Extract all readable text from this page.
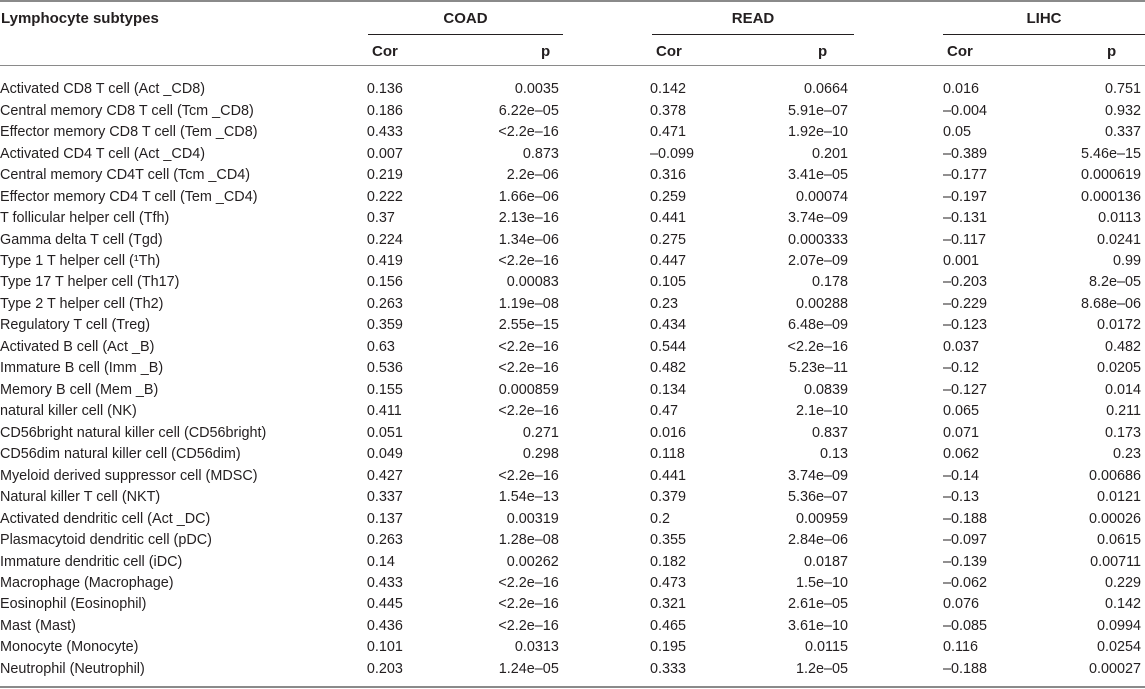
Lymphocyte subtypes	COAD	READ	LIHC
Cor	p	Cor	p	Cor	p
Activated CD8 T cell (Act _CD8)	0.136	0.0035			0.142 0.0664			0.016 0.751

Central memory CD8 T cell (Tcm _CD8)	0.186	6.22e–05			0.378 5.91e–07			–0.004 0.932

Effector memory CD8 T cell (Tem _CD8)	0.433	<2.2e–16			0.471 1.92e–10			0.05 0.337

Activated CD4 T cell (Act _CD4)	0.007	0.873			–0.099 0.201			–0.389 5.46e–15

Central memory CD4T cell (Tcm _CD4)	0.219	2.2e–06			0.316 3.41e–05			–0.177 0.000619

Effector memory CD4 T cell (Tem _CD4)	0.222	1.66e–06			0.259 0.00074			–0.197 0.000136

T follicular helper cell (Tfh)	0.37	2.13e–16			0.441 3.74e–09			–0.131 0.0113

Gamma delta T cell (Tgd)	0.224	1.34e–06			0.275 0.000333			–0.117 0.0241

Type 1 T helper cell (¹Th)	0.419	<2.2e–16			0.447 2.07e–09			0.001 0.99

Type 17 T helper cell (Th17)	0.156	0.00083			0.105 0.178			–0.203 8.2e–05

Type 2 T helper cell (Th2)	0.263	1.19e–08			0.23 0.00288			–0.229 8.68e–06

Regulatory T cell (Treg)	0.359	2.55e–15			0.434 6.48e–09			–0.123 0.0172

Activated B cell (Act _B)	0.63	<2.2e–16			0.544 <2.2e–16			0.037 0.482

Immature B cell (Imm _B)	0.536	<2.2e–16			0.482 5.23e–11			–0.12 0.0205

Memory B cell (Mem _B)	0.155	0.000859			0.134 0.0839			–0.127 0.014

natural killer cell (NK)	0.411	<2.2e–16			0.47 2.1e–10			0.065 0.211

CD56bright natural killer cell (CD56bright)	0.051	0.271			0.016 0.837			0.071 0.173

CD56dim natural killer cell (CD56dim)	0.049	0.298			0.118 0.13			0.062 0.23

Myeloid derived suppressor cell (MDSC)	0.427	<2.2e–16			0.441 3.74e–09			–0.14 0.00686

Natural killer T cell (NKT)	0.337	1.54e–13			0.379 5.36e–07			–0.13 0.0121

Activated dendritic cell (Act _DC)	0.137	0.00319			0.2 0.00959			–0.188 0.00026

Plasmacytoid dendritic cell (pDC)	0.263	1.28e–08			0.355 2.84e–06			–0.097 0.0615

Immature dendritic cell (iDC)	0.14	0.00262			0.182 0.0187			–0.139 0.00711

Macrophage (Macrophage)	0.433	<2.2e–16			0.473 1.5e–10			–0.062 0.229

Eosinophil (Eosinophil)	0.445	<2.2e–16			0.321 2.61e–05			0.076 0.142

Mast (Mast)	0.436	<2.2e–16			0.465 3.61e–10			–0.085 0.0994

Monocyte (Monocyte)	0.101	0.0313			0.195 0.0115			0.116 0.0254

Neutrophil (Neutrophil)	0.203	1.24e–05			0.333 1.2e–05			–0.188 0.00027
